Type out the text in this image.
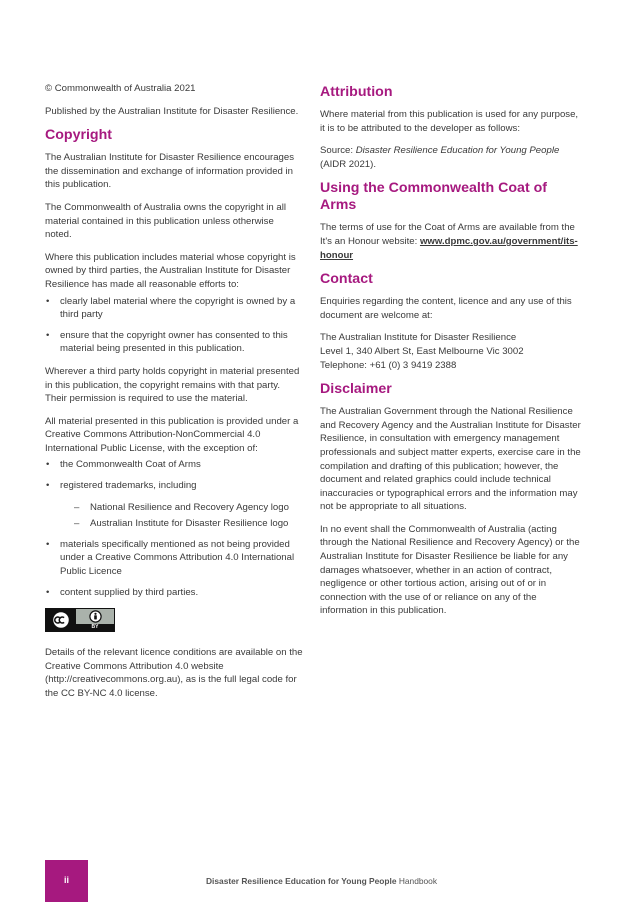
© Commonwealth of Australia 2021

Published by the Australian Institute for Disaster Resilience.

Copyright

The Australian Institute for Disaster Resilience encourages the dissemination and exchange of information provided in this publication.

The Commonwealth of Australia owns the copyright in all material contained in this publication unless otherwise noted.

Where this publication includes material whose copyright is owned by third parties, the Australian Institute for Disaster Resilience has made all reasonable efforts to:

• clearly label material where the copyright is owned by a third party
• ensure that the copyright owner has consented to this material being presented in this publication.

Wherever a third party holds copyright in material presented in this publication, the copyright remains with that party. Their permission is required to use the material.

All material presented in this publication is provided under a Creative Commons Attribution-NonCommercial 4.0 International Public License, with the exception of:

• the Commonwealth Coat of Arms
• registered trademarks, including
– National Resilience and Recovery Agency logo
– Australian Institute for Disaster Resilience logo
• materials specifically mentioned as not being provided under a Creative Commons Attribution 4.0 International Public Licence
• content supplied by third parties.
BY

Details of the relevant licence conditions are available on the Creative Commons Attribution 4.0 website (http://creativecommons.org.au), as is the full legal code for the CC BY-NC 4.0 license.

Attribution

Where material from this publication is used for any purpose, it is to be attributed to the developer as follows:

Source: Disaster Resilience Education for Young People (AIDR 2021).

Using the Commonwealth Coat of Arms

The terms of use for the Coat of Arms are available from the It's an Honour website: www.dpmc.gov.au/government/its-honour

Contact

Enquiries regarding the content, licence and any use of this document are welcome at:

The Australian Institute for Disaster Resilience
Level 1, 340 Albert St, East Melbourne Vic 3002
Telephone: +61 (0) 3 9419 2388

Disclaimer

The Australian Government through the National Resilience and Recovery Agency and the Australian Institute for Disaster Resilience, in consultation with emergency management professionals and subject matter experts, exercise care in the compilation and drafting of this publication; however, the document and related graphics could include technical inaccuracies or typographical errors and the information may not be appropriate to all situations.

In no event shall the Commonwealth of Australia (acting through the National Resilience and Recovery Agency) or the Australian Institute for Disaster Resilience be liable for any damages whatsoever, whether in an action of contract, negligence or other tortious action, arising out of or in connection with the use of or reliance on any of the information in this publication.

ii	Disaster Resilience Education for Young People Handbook
